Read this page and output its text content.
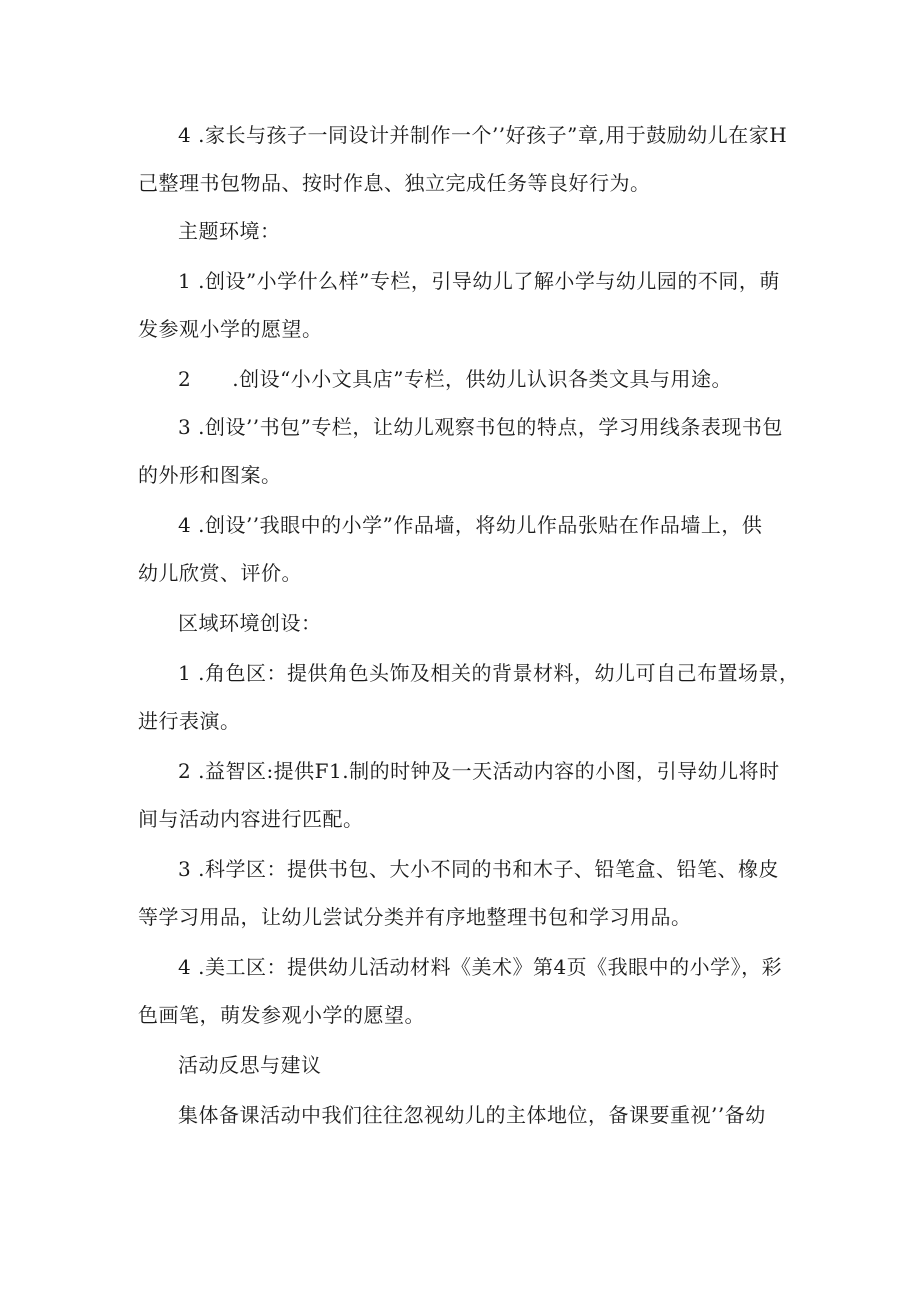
4 .家长与孩子一同设计并制作一个’’好孩子”章,用于鼓励幼儿在家H
己整理书包物品、按时作息、独立完成任务等良好行为。
主题环境：
1 .创设”小学什么样”专栏，引导幼儿了解小学与幼儿园的不同，萌
发参观小学的愿望。
2　　.创设“小小文具店”专栏，供幼儿认识各类文具与用途。
3 .创设’’书包”专栏，让幼儿观察书包的特点，学习用线条表现书包
的外形和图案。
4 .创设’’我眼中的小学”作品墙，将幼儿作品张贴在作品墙上，供
幼儿欣赏、评价。
区域环境创设：
1 .角色区：提供角色头饰及相关的背景材料，幼儿可自己布置场景，
进行表演。
2 .益智区:提供F1.制的时钟及一天活动内容的小图，引导幼儿将时
间与活动内容进行匹配。
3 .科学区：提供书包、大小不同的书和木子、铅笔盒、铅笔、橡皮
等学习用品，让幼儿尝试分类并有序地整理书包和学习用品。
4 .美工区：提供幼儿活动材料《美术》第4页《我眼中的小学》，彩
色画笔，萌发参观小学的愿望。
活动反思与建议
集体备课活动中我们往往忽视幼儿的主体地位，备课要重视’’备幼
